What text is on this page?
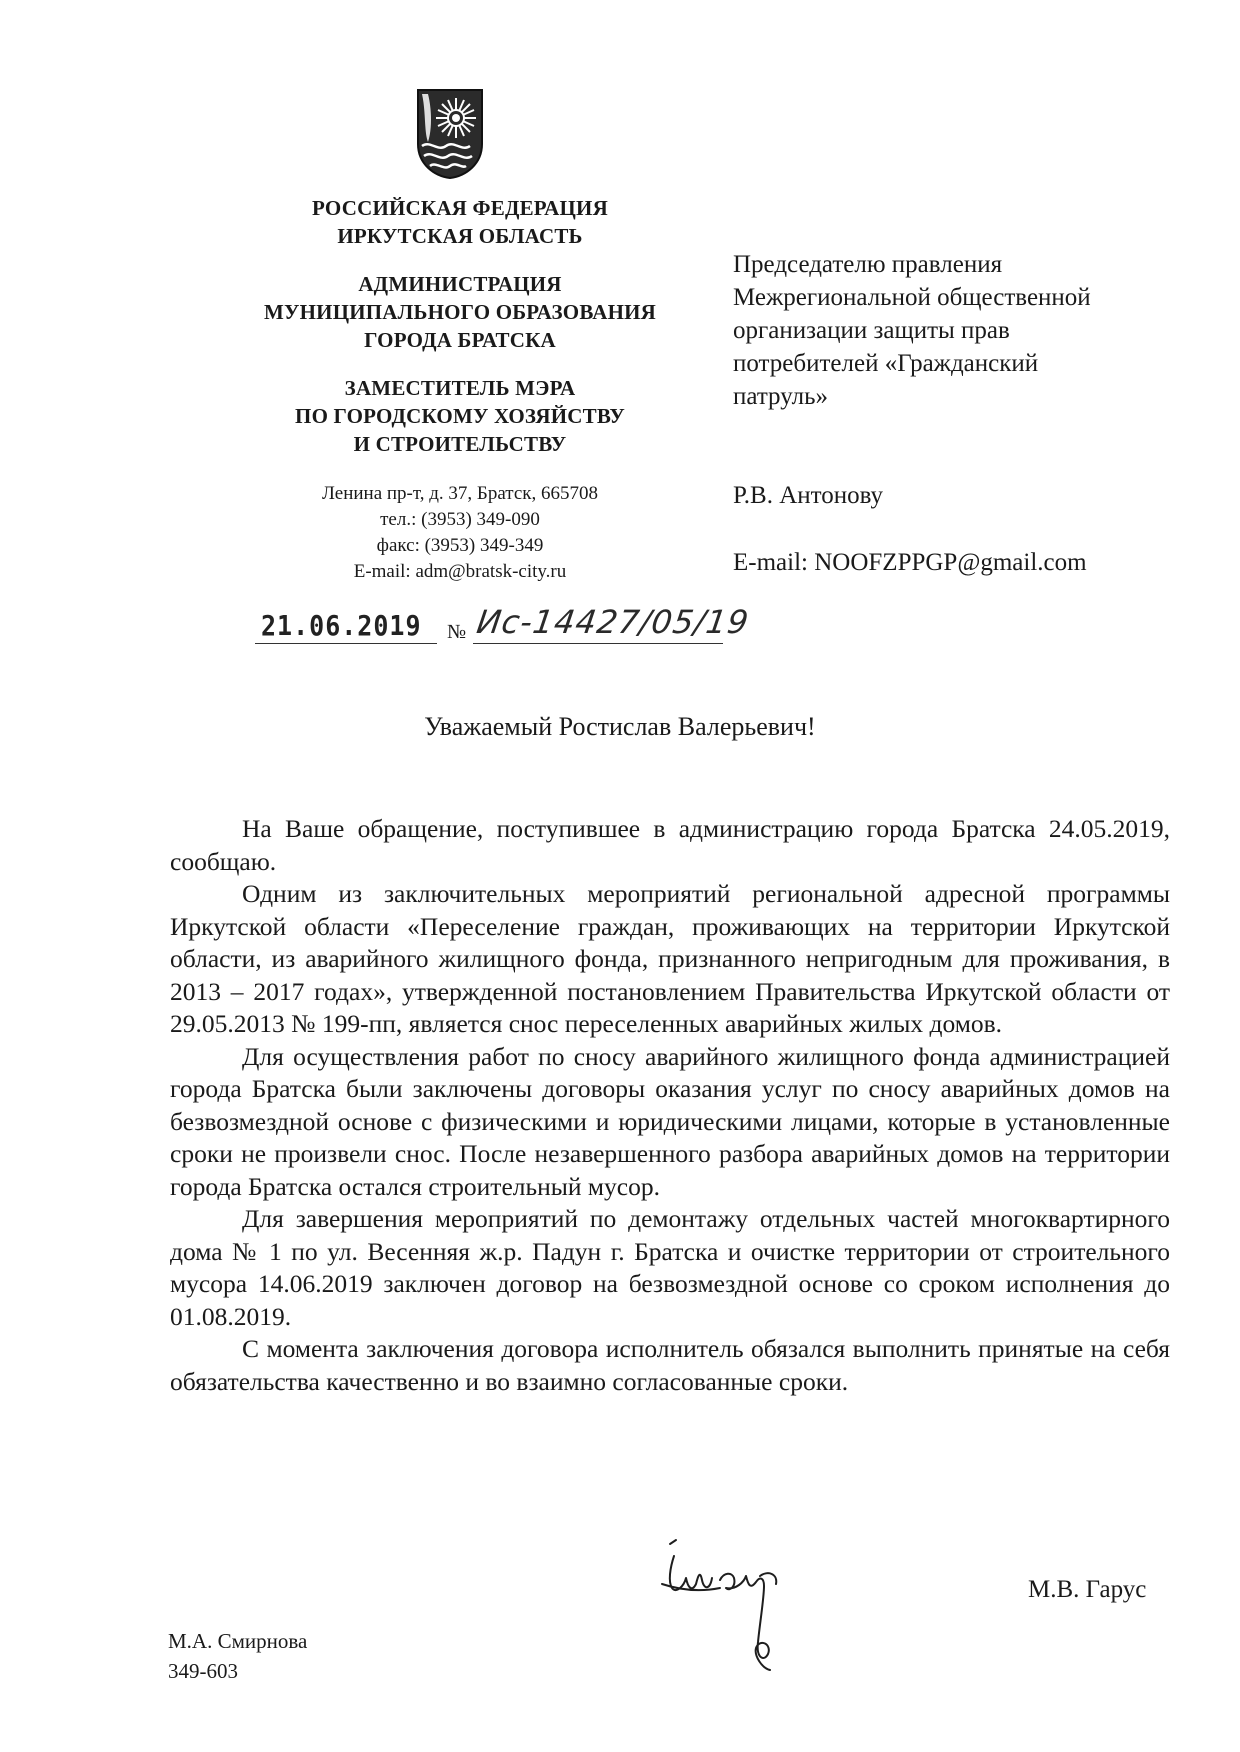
РОССИЙСКАЯ ФЕДЕРАЦИЯ
ИРКУТСКАЯ ОБЛАСТЬ
АДМИНИСТРАЦИЯ
МУНИЦИПАЛЬНОГО ОБРАЗОВАНИЯ
ГОРОДА БРАТСКА
ЗАМЕСТИТЕЛЬ МЭРА
ПО ГОРОДСКОМУ ХОЗЯЙСТВУ
И СТРОИТЕЛЬСТВУ
Ленина пр-т, д. 37, Братск, 665708
тел.: (3953) 349-090
факс: (3953) 349-349
E-mail: adm@bratsk-city.ru
21.06.2019 № Ис-14427/05/19
Председателю правления
Межрегиональной общественной
организации защиты прав
потребителей «Гражданский
патруль»
Р.В. Антонову
E-mail: NOOFZPPGP@gmail.com
Уважаемый Ростислав Валерьевич!

На Ваше обращение, поступившее в администрацию города Братска 24.05.2019, сообщаю.

Одним из заключительных мероприятий региональной адресной программы Иркутской области «Переселение граждан, проживающих на территории Иркутской области, из аварийного жилищного фонда, признанного непригодным для проживания, в 2013 – 2017 годах», утвержденной постановлением Правительства Иркутской области от 29.05.2013 № 199-пп, является снос переселенных аварийных жилых домов.

Для осуществления работ по сносу аварийного жилищного фонда администрацией города Братска были заключены договоры оказания услуг по сносу аварийных домов на безвозмездной основе с физическими и юридическими лицами, которые в установленные сроки не произвели снос. После незавершенного разбора аварийных домов на территории города Братска остался строительный мусор.

Для завершения мероприятий по демонтажу отдельных частей многоквартирного дома № 1 по ул. Весенняя ж.р. Падун г. Братска и очистке территории от строительного мусора 14.06.2019 заключен договор на безвозмездной основе со сроком исполнения до 01.08.2019.

С момента заключения договора исполнитель обязался выполнить принятые на себя обязательства качественно и во взаимно согласованные сроки.

М.В. Гарус
М.А. Смирнова
349-603
